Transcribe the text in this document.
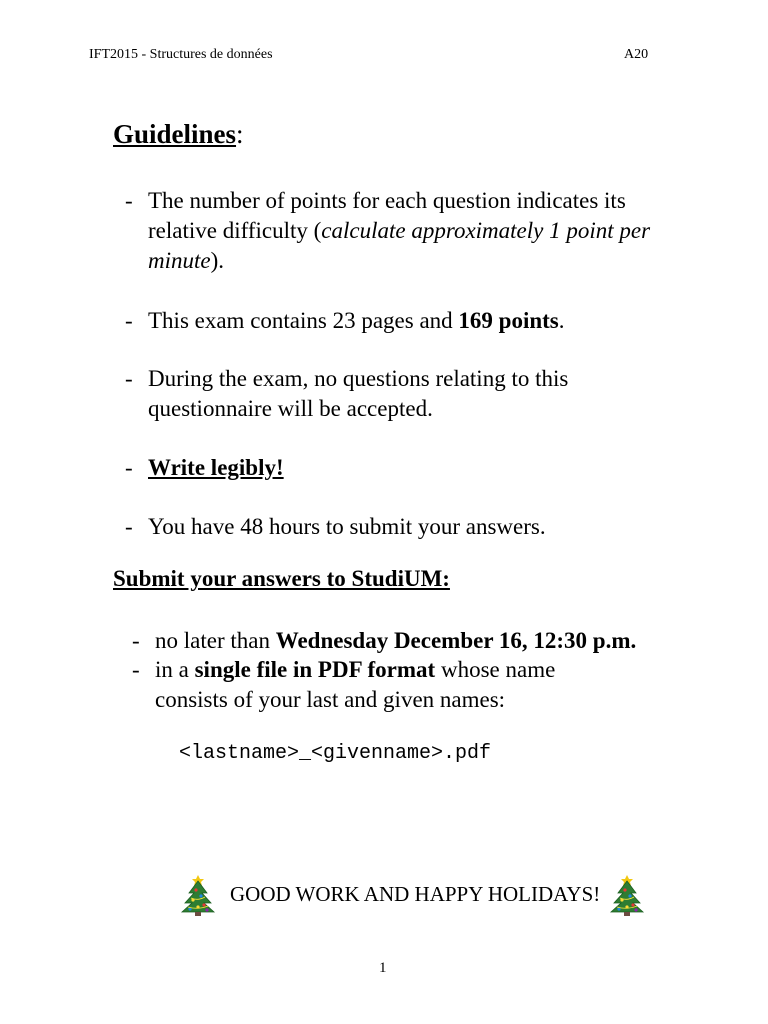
IFT2015 - Structures de données	A20
Guidelines:
- The number of points for each question indicates its relative difficulty (calculate approximately 1 point per minute).
- This exam contains 23 pages and 169 points.
- During the exam, no questions relating to this questionnaire will be accepted.
- Write legibly!
- You have 48 hours to submit your answers.
Submit your answers to StudiUM:
- no later than Wednesday December 16, 12:30 p.m.
- in a single file in PDF format whose name consists of your last and given names:
<lastname>_<givenname>.pdf
GOOD WORK AND HAPPY HOLIDAYS!
1
